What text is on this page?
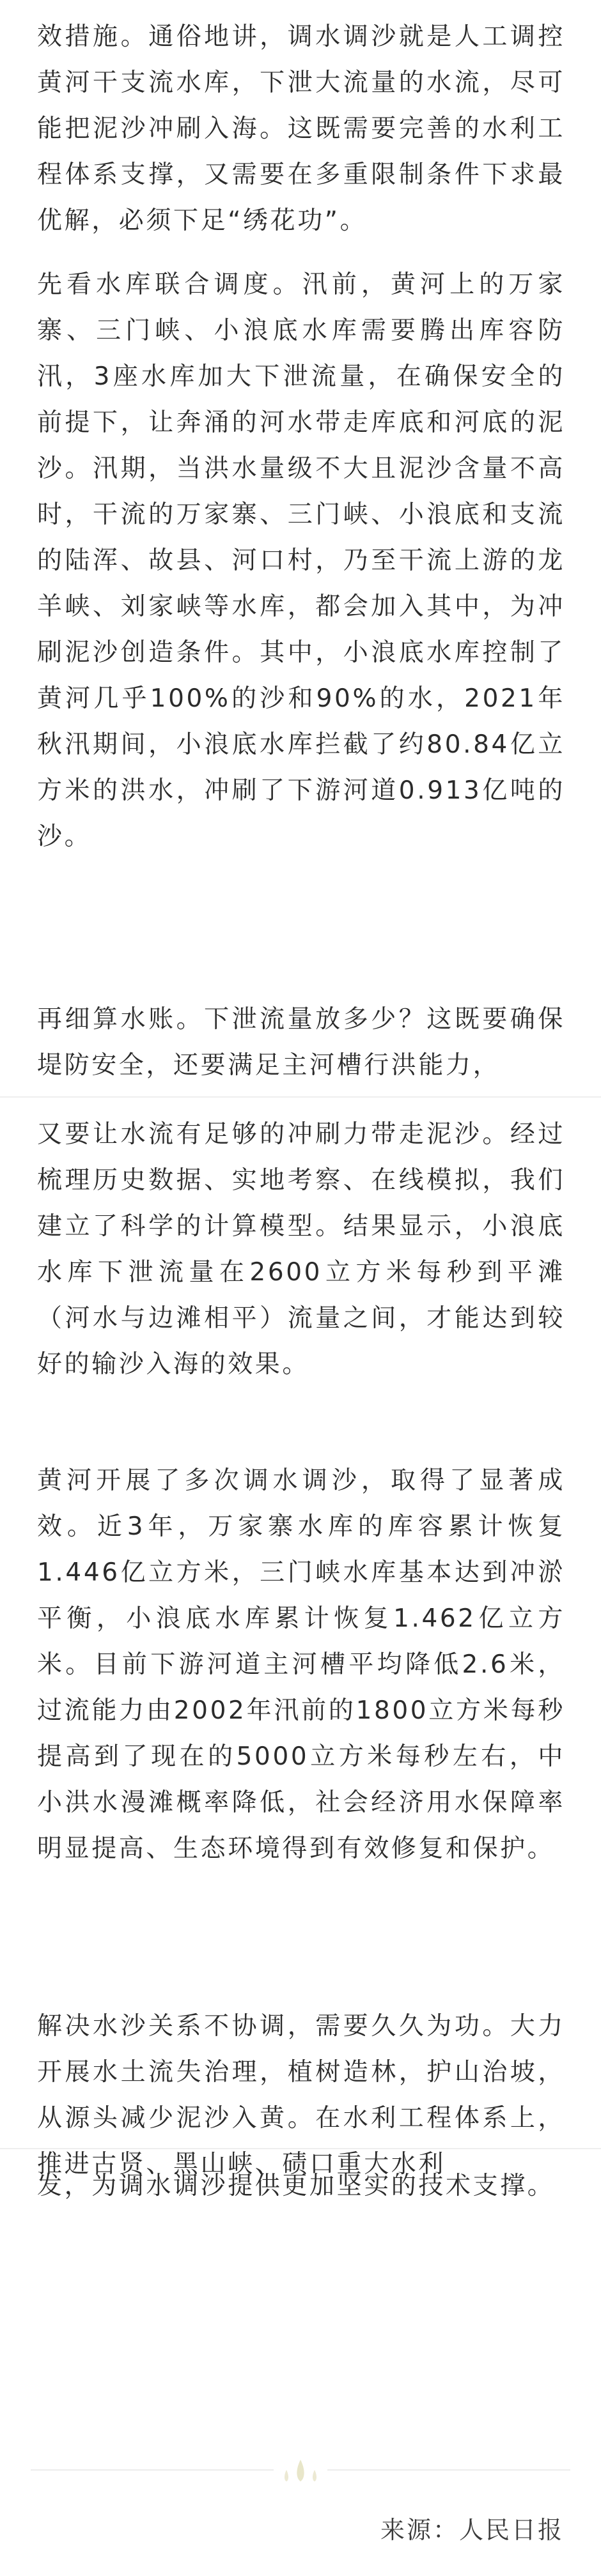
效措施。通俗地讲，调水调沙就是人工调控黄河干支流水库，下泄大流量的水流，尽可能把泥沙冲刷入海。这既需要完善的水利工程体系支撑，又需要在多重限制条件下求最优解，必须下足“绣花功”。

先看水库联合调度。汛前，黄河上的万家寨、三门峡、小浪底水库需要腾出库容防汛，3座水库加大下泄流量，在确保安全的前提下，让奔涌的河水带走库底和河底的泥沙。汛期，当洪水量级不大且泥沙含量不高时，干流的万家寨、三门峡、小浪底和支流的陆浑、故县、河口村，乃至干流上游的龙羊峡、刘家峡等水库，都会加入其中，为冲刷泥沙创造条件。其中，小浪底水库控制了黄河几乎100%的沙和90%的水，2021年秋汛期间，小浪底水库拦截了约80.84亿立方米的洪水，冲刷了下游河道0.913亿吨的沙。

再细算水账。下泄流量放多少？这既要确保堤防安全，还要满足主河槽行洪能力，

又要让水流有足够的冲刷力带走泥沙。经过梳理历史数据、实地考察、在线模拟，我们建立了科学的计算模型。结果显示，小浪底水库下泄流量在2600立方米每秒到平滩（河水与边滩相平）流量之间，才能达到较好的输沙入海的效果。

黄河开展了多次调水调沙，取得了显著成效。近3年，万家寨水库的库容累计恢复1.446亿立方米，三门峡水库基本达到冲淤平衡，小浪底水库累计恢复1.462亿立方米。目前下游河道主河槽平均降低2.6米，过流能力由2002年汛前的1800立方米每秒提高到了现在的5000立方米每秒左右，中小洪水漫滩概率降低，社会经济用水保障率明显提高、生态环境得到有效修复和保护。

解决水沙关系不协调，需要久久为功。大力开展水土流失治理，植树造林，护山治坡，从源头减少泥沙入黄。在水利工程体系上，推进古贤、黑山峡、碛口重大水利

发，为调水调沙提供更加坚实的技术支撑。

来源：人民日报
